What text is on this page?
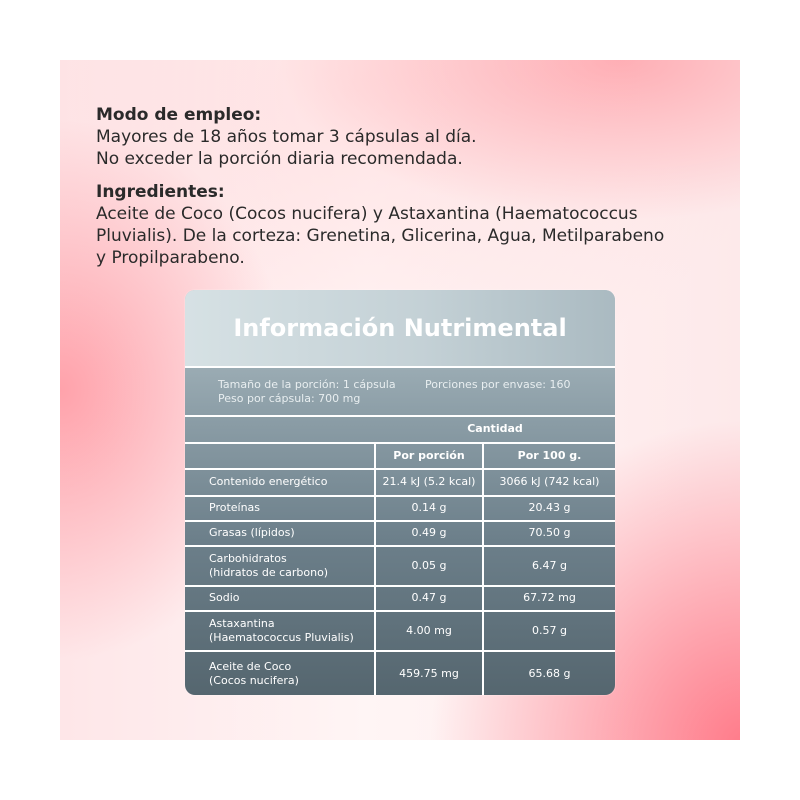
Modo de empleo:
Mayores de 18 años tomar 3 cápsulas al día.
No exceder la porción diaria recomendada.
Ingredientes:
Aceite de Coco (Cocos nucifera) y Astaxantina (Haematococcus
Pluvialis). De la corteza: Grenetina, Glicerina, Agua, Metilparabeno
y Propilparabeno.
Información Nutrimental
Tamaño de la porción: 1 cápsula	Porciones por envase: 160
Peso por cápsula: 700 mg
Cantidad
Por porción	Por 100 g.
Contenido energético	21.4 kJ (5.2 kcal)	3066 kJ (742 kcal)
Proteínas	0.14 g	20.43 g
Grasas (lípidos)	0.49 g	70.50 g
Carbohidratos
(hidratos de carbono)
0.05 g	6.47 g
Sodio	0.47 g	67.72 mg
Astaxantina
(Haematococcus Pluvialis)
4.00 mg	0.57 g
Aceite de Coco
(Cocos nucifera)
459.75 mg	65.68 g
